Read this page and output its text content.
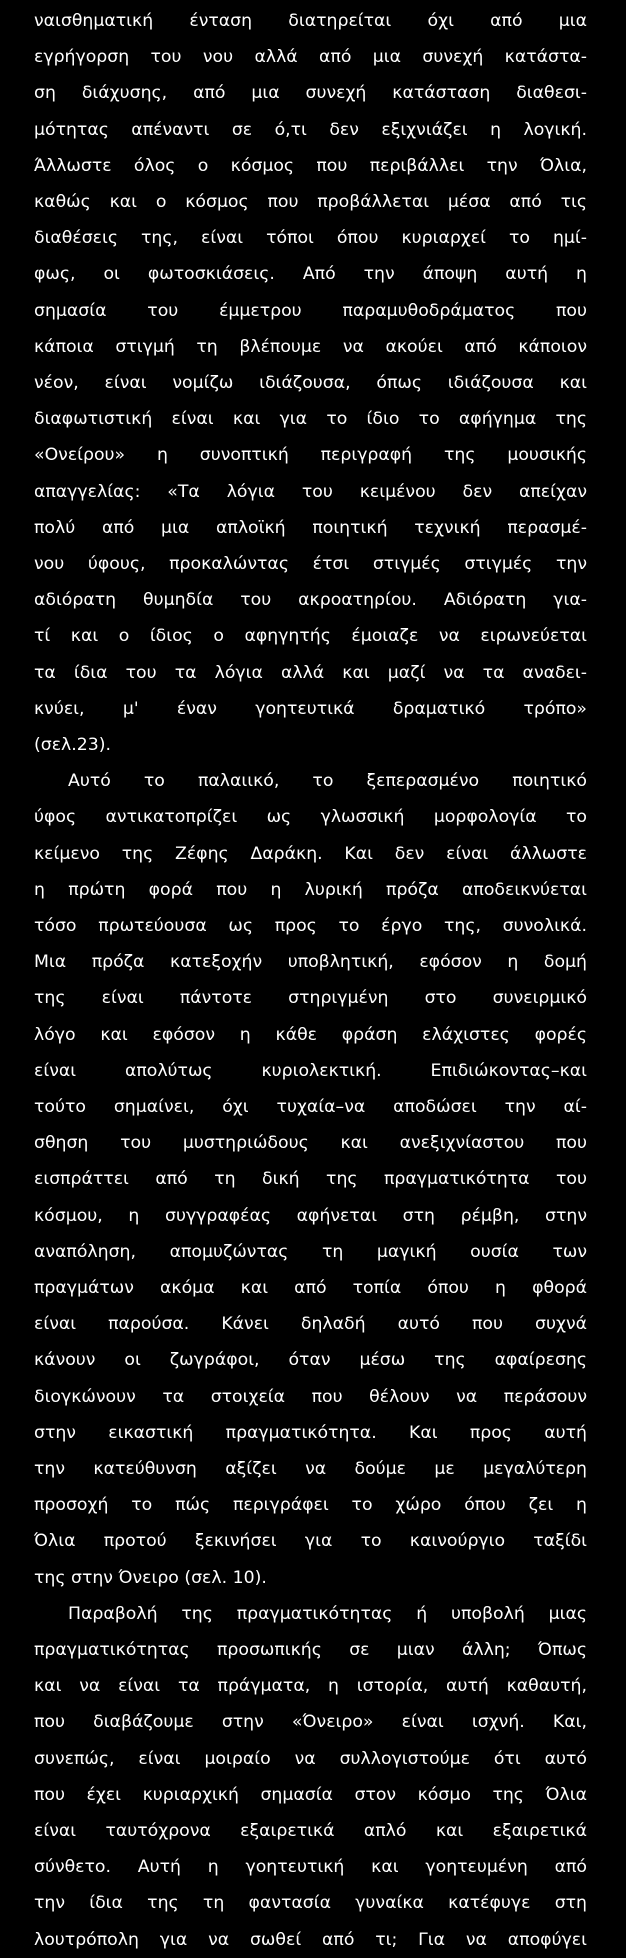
ναισθηματική ένταση διατηρείται όχι από μια
εγρήγορση του νου αλλά από μια συνεχή κατάστα-
ση διάχυσης, από μια συνεχή κατάσταση διαθεσι-
μότητας απέναντι σε ό,τι δεν εξιχνιάζει η λογική.
Άλλωστε όλος ο κόσμος που περιβάλλει την Όλια,
καθώς και ο κόσμος που προβάλλεται μέσα από τις
διαθέσεις της, είναι τόποι όπου κυριαρχεί το ημί-
φως, οι φωτοσκιάσεις. Από την άποψη αυτή η
σημασία του έμμετρου παραμυθοδράματος που
κάποια στιγμή τη βλέπουμε να ακούει από κάποιον
νέον, είναι νομίζω ιδιάζουσα, όπως ιδιάζουσα και
διαφωτιστική είναι και για το ίδιο το αφήγημα της
«Ονείρου» η συνοπτική περιγραφή της μουσικής
απαγγελίας: «Τα λόγια του κειμένου δεν απείχαν
πολύ από μια απλοϊκή ποιητική τεχνική περασμέ-
νου ύφους, προκαλώντας έτσι στιγμές στιγμές την
αδιόρατη θυμηδία του ακροατηρίου. Αδιόρατη για-
τί και ο ίδιος ο αφηγητής έμοιαζε να ειρωνεύεται
τα ίδια του τα λόγια αλλά και μαζί να τα αναδει-
κνύει, μ' έναν γοητευτικά δραματικό τρόπο»
(σελ.23).
Αυτό το παλαιικό, το ξεπερασμένο ποιητικό
ύφος αντικατοπρίζει ως γλωσσική μορφολογία το
κείμενο της Ζέφης Δαράκη. Και δεν είναι άλλωστε
η πρώτη φορά που η λυρική πρόζα αποδεικνύεται
τόσο πρωτεύουσα ως προς το έργο της, συνολικά.
Μια πρόζα κατεξοχήν υποβλητική, εφόσον η δομή
της είναι πάντοτε στηριγμένη στο συνειρμικό
λόγο και εφόσον η κάθε φράση ελάχιστες φορές
είναι απολύτως κυριολεκτική. Επιδιώκοντας–και
τούτο σημαίνει, όχι τυχαία–να αποδώσει την αί-
σθηση του μυστηριώδους και ανεξιχνίαστου που
εισπράττει από τη δική της πραγματικότητα του
κόσμου, η συγγραφέας αφήνεται στη ρέμβη, στην
αναπόληση, απομυζώντας τη μαγική ουσία των
πραγμάτων ακόμα και από τοπία όπου η φθορά
είναι παρούσα. Κάνει δηλαδή αυτό που συχνά
κάνουν οι ζωγράφοι, όταν μέσω της αφαίρεσης
διογκώνουν τα στοιχεία που θέλουν να περάσουν
στην εικαστική πραγματικότητα. Και προς αυτή
την κατεύθυνση αξίζει να δούμε με μεγαλύτερη
προσοχή το πώς περιγράφει το χώρο όπου ζει η
Όλια προτού ξεκινήσει για το καινούργιο ταξίδι
της στην Όνειρο (σελ. 10).
Παραβολή της πραγματικότητας ή υποβολή μιας
πραγματικότητας προσωπικής σε μιαν άλλη; Όπως
και να είναι τα πράγματα, η ιστορία, αυτή καθαυτή,
που διαβάζουμε στην «Όνειρο» είναι ισχνή. Και,
συνεπώς, είναι μοιραίο να συλλογιστούμε ότι αυτό
που έχει κυριαρχική σημασία στον κόσμο της Όλια
είναι ταυτόχρονα εξαιρετικά απλό και εξαιρετικά
σύνθετο. Αυτή η γοητευτική και γοητευμένη από
την ίδια της τη φαντασία γυναίκα κατέφυγε στη
λουτρόπολη για να σωθεί από τι; Για να αποφύγει
